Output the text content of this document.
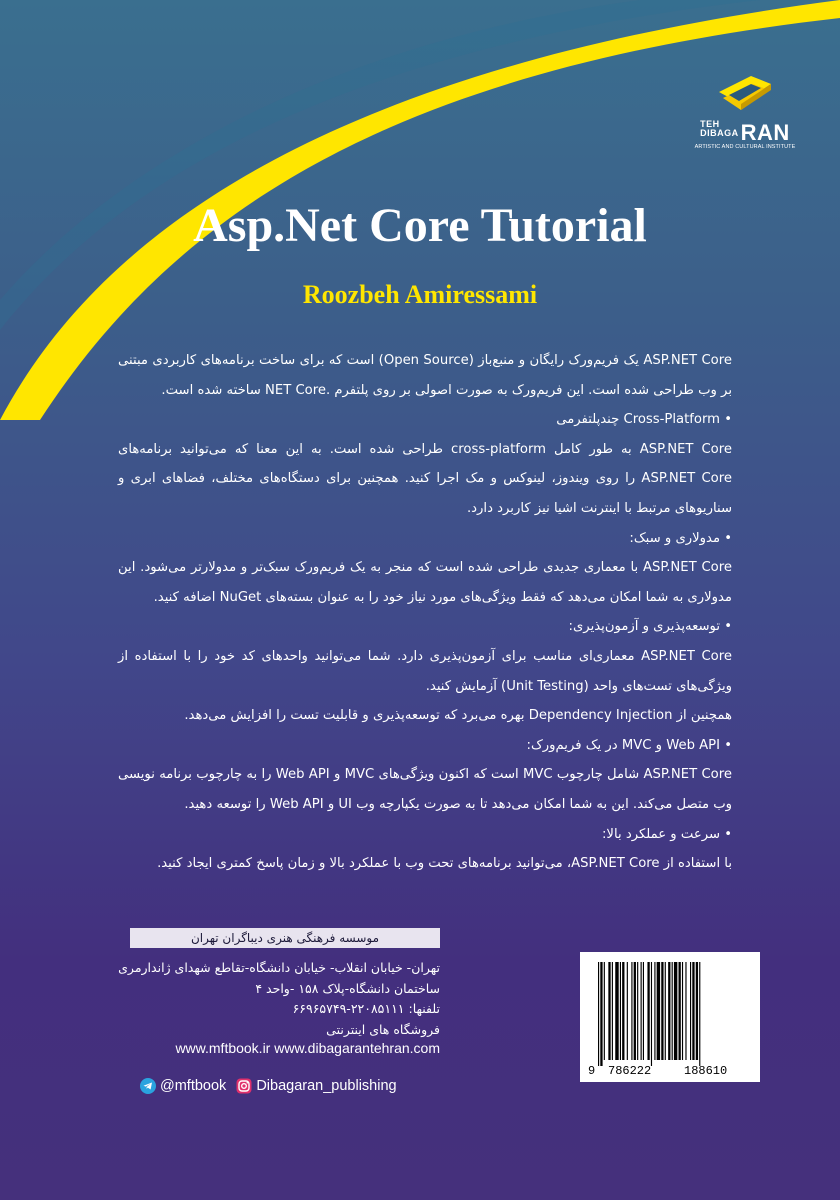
TEH
DIBAGARAN
ARTISTIC AND CULTURAL INSTITUTE
Asp.Net Core Tutorial
Roozbeh Amiressami

ASP.NET Core یک فریم‌ورک رایگان و منبع‌باز (Open Source) است که برای ساخت برنامه‌های کاربردی مبتنی بر وب طراحی شده است. این فریم‌ورک به صورت اصولی بر روی پلتفرم .NET Core ساخته شده است.

• Cross-Platform چندپلتفرمی

ASP.NET Core به طور کامل cross-platform طراحی شده است. به این معنا که می‌توانید برنامه‌های ASP.NET Core را روی ویندوز، لینوکس و مک اجرا کنید. همچنین برای دستگاه‌های مختلف، فضاهای ابری و سناریوهای مرتبط با اینترنت اشیا نیز کاربرد دارد.

• مدولاری و سبک:

ASP.NET Core با معماری جدیدی طراحی شده است که منجر به یک فریم‌ورک سبک‌تر و مدولارتر می‌شود. این مدولاری به شما امکان می‌دهد که فقط ویژگی‌های مورد نیاز خود را به عنوان بسته‌های NuGet اضافه کنید.

• توسعه‌پذیری و آزمون‌پذیری:

ASP.NET Core معماری‌ای مناسب برای آزمون‌پذیری دارد. شما می‌توانید واحدهای کد خود را با استفاده از ویژگی‌های تست‌های واحد (Unit Testing) آزمایش کنید.

همچنین از Dependency Injection بهره می‌برد که توسعه‌پذیری و قابلیت تست را افزایش می‌دهد.

• Web API و MVC در یک فریم‌ورک:

ASP.NET Core شامل چارچوب MVC است که اکنون ویژگی‌های MVC و Web API را به چارچوب برنامه نویسی وب متصل می‌کند. این به شما امکان می‌دهد تا به صورت یکپارچه وب UI و Web API را توسعه دهید.

• سرعت و عملکرد بالا:

با استفاده از ASP.NET Core، می‌توانید برنامه‌های تحت وب با عملکرد بالا و زمان پاسخ کمتری ایجاد کنید.

موسسه فرهنگی هنری دیباگران تهران
تهران- خیابان انقلاب- خیابان دانشگاه-تقاطع شهدای ژاندارمری
ساختمان دانشگاه-پلاک ۱۵۸ -واحد ۴
تلفنها: ۲۲۰۸۵۱۱۱-۶۶۹۶۵۷۴۹
فروشگاه های اینترنتی
www.mftbook.ir www.dibagarantehran.com
@mftbook Dibagaran_publishing
9 786222	188610
